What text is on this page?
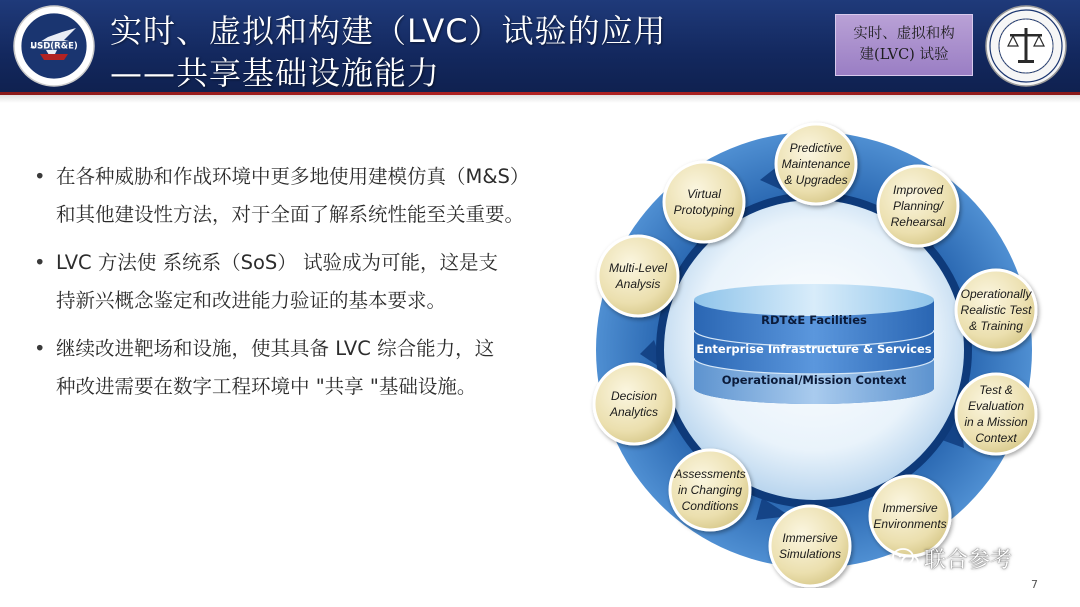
USD(R&E) 实时、虚拟和构建（LVC）试验的应用
——共享基础设施能力
实时、虚拟和构
建(LVC) 试验
• 在各种威胁和作战环境中更多地使用建模仿真（M&S）
和其他建设性方法，对于全面了解系统性能至关重要。
• LVC 方法使 系统系（SoS） 试验成为可能，这是支
持新兴概念鉴定和改进能力验证的基本要求。
• 继续改进靶场和设施，使其具备 LVC 综合能力，这
种改进需要在数字工程环境中 "共享 "基础设施。
RDT&E Facilities
Enterprise Infrastructure & Services
Operational/Mission Context
Predictive
Maintenance
& Upgrades
Improved
Planning/
Rehearsal
Operationally
Realistic Test
& Training
Test &
Evaluation
in a Mission
Context
Immersive
Environments
Immersive
Simulations
Assessments
in Changing
Conditions
Decision
Analytics
Multi-Level
Analysis
Virtual
Prototyping
联合参考
7
